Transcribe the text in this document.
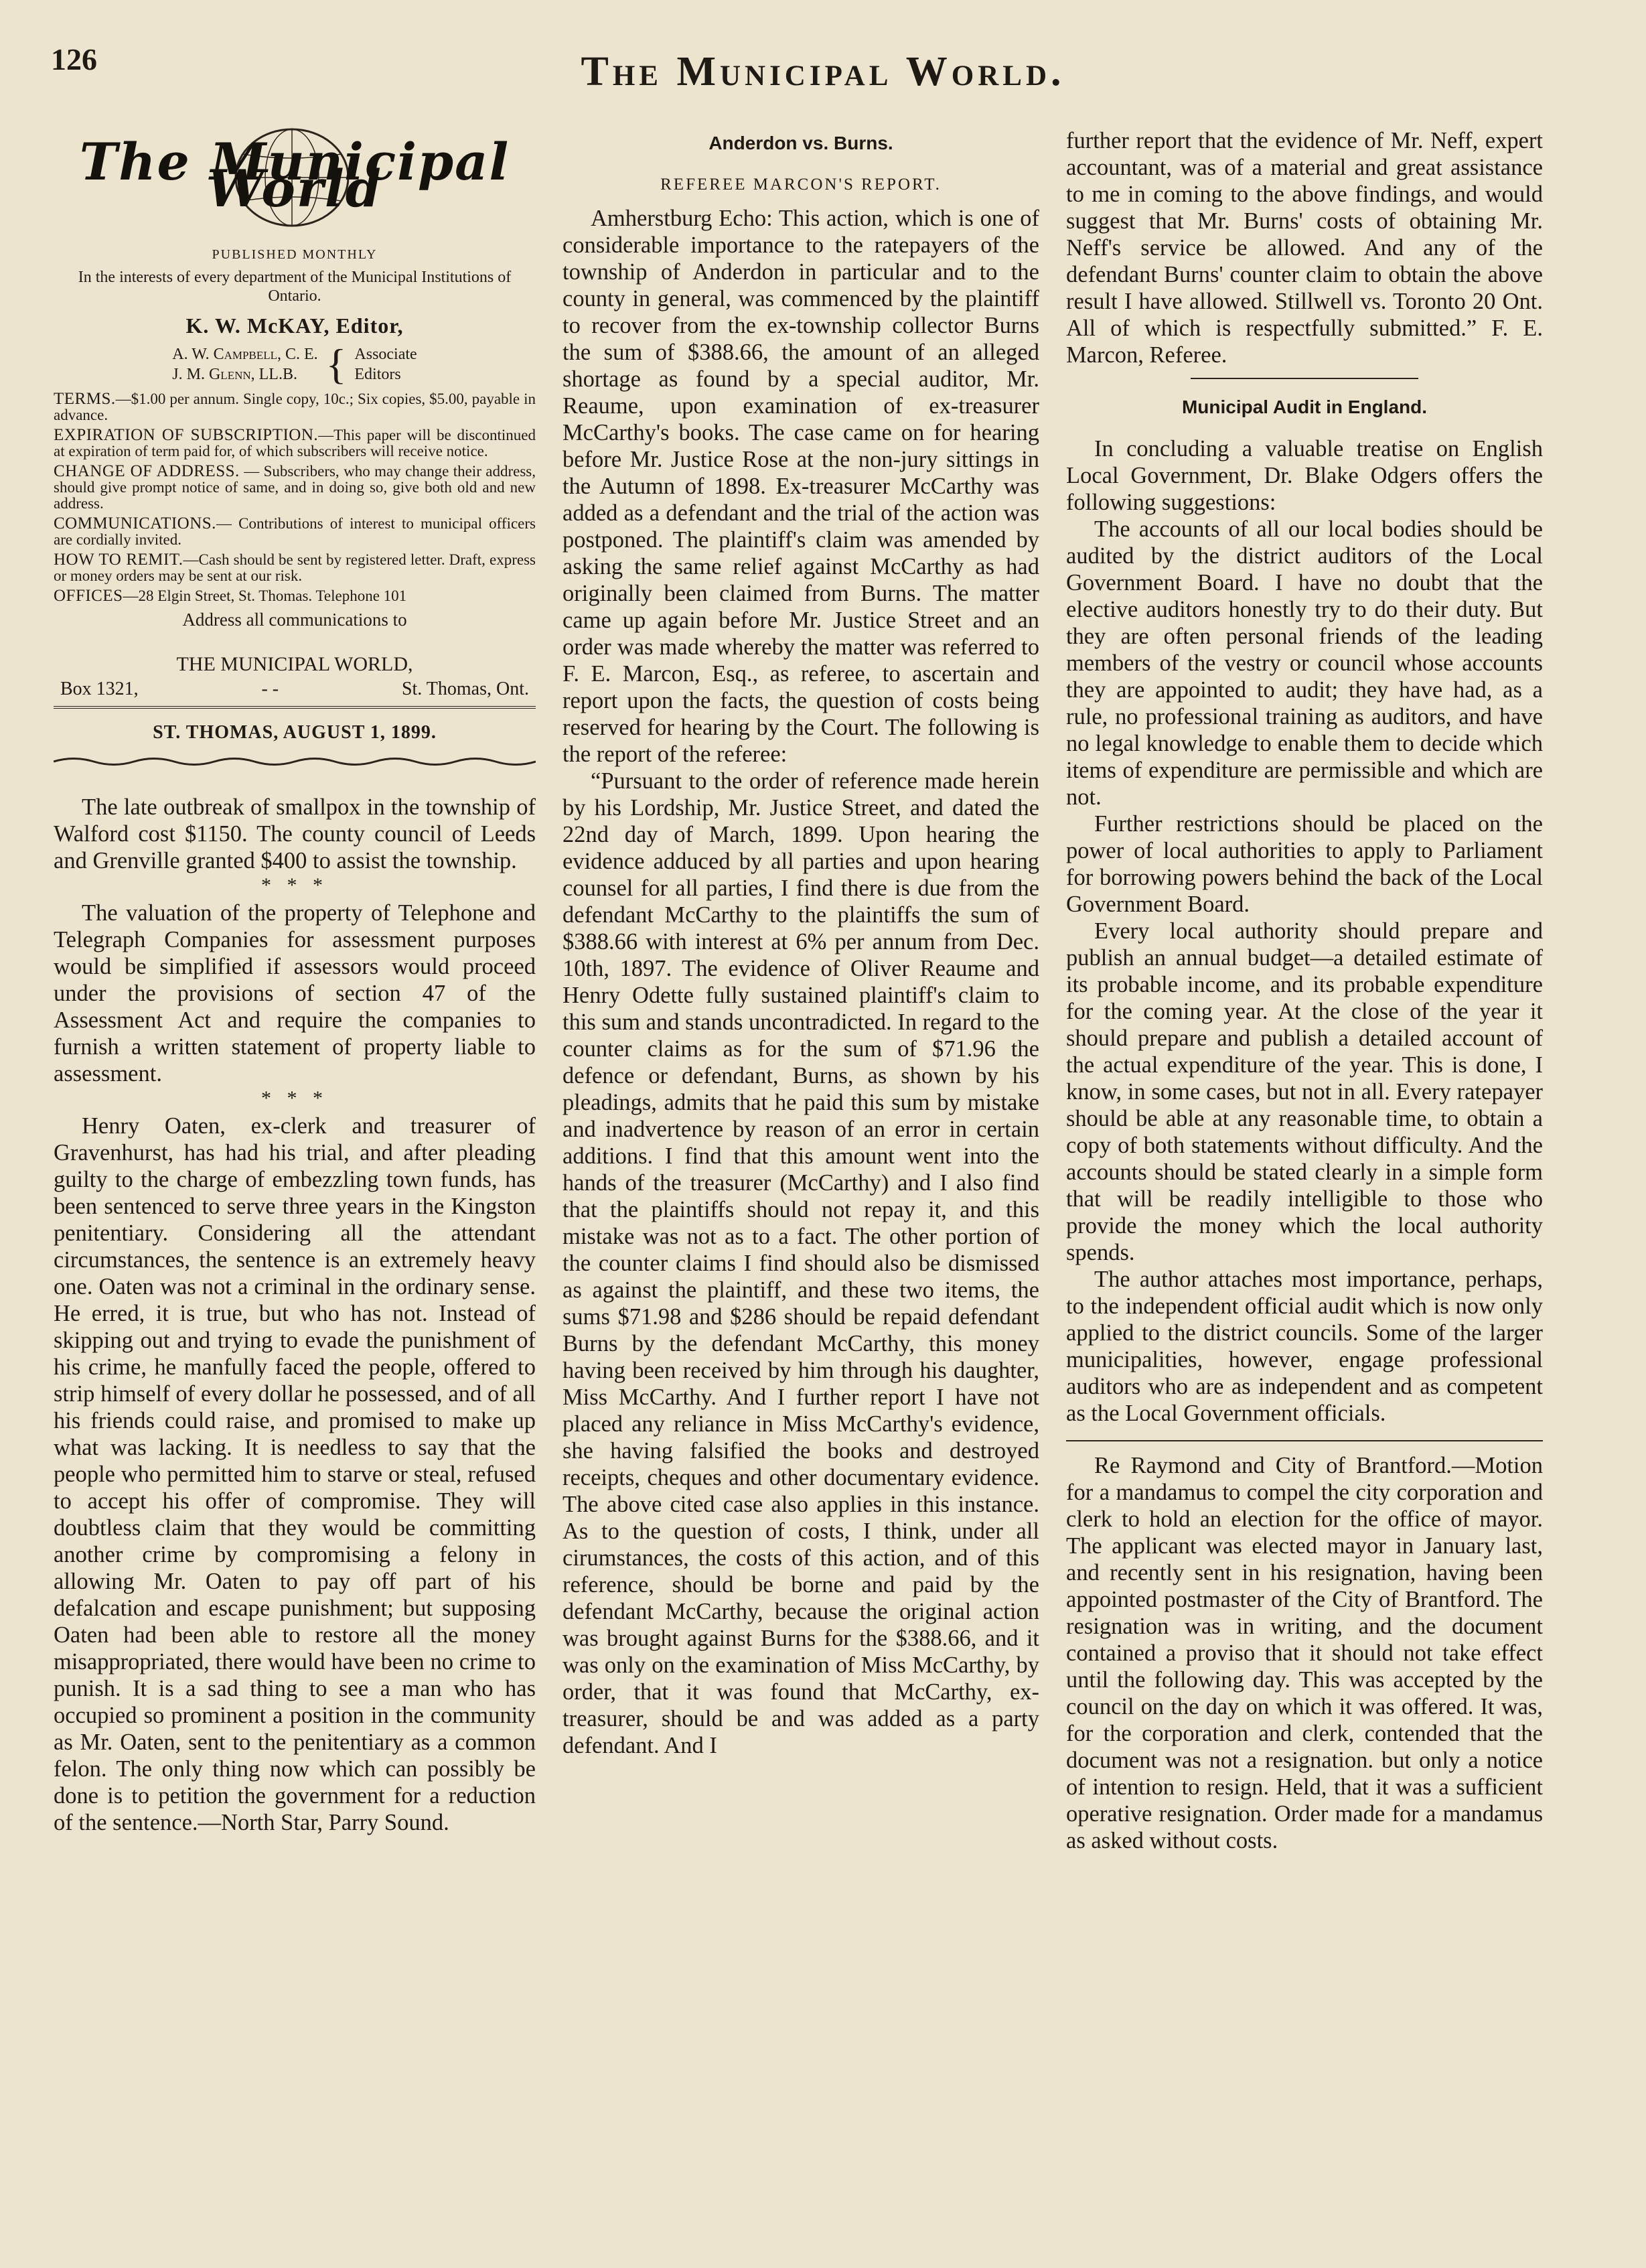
126	The Municipal World.
The Municipal World
PUBLISHED MONTHLY
In the interests of every department of the Municipal Institutions of Ontario.
K. W. McKAY, Editor,
A. W. Campbell, C. E.
J. M. Glenn, LL.B. { Associate
Editors
TERMS.—$1.00 per annum. Single copy, 10c.; Six copies, $5.00, payable in advance.
EXPIRATION OF SUBSCRIPTION.—This paper will be discontinued at expiration of term paid for, of which subscribers will receive notice.
CHANGE OF ADDRESS. — Subscribers, who may change their address, should give prompt notice of same, and in doing so, give both old and new address.
COMMUNICATIONS.— Contributions of interest to municipal officers are cordially invited.
HOW TO REMIT.—Cash should be sent by registered letter. Draft, express or money orders may be sent at our risk.
OFFICES—28 Elgin Street, St. Thomas. Telephone 101
Address all communications to
THE MUNICIPAL WORLD,
Box 1321,	- -	St. Thomas, Ont.
ST. THOMAS, AUGUST 1, 1899.

The late outbreak of smallpox in the township of Walford cost $1150. The county council of Leeds and Grenville granted $400 to assist the township.

* * *

The valuation of the property of Telephone and Telegraph Companies for assessment purposes would be simplified if assessors would proceed under the provisions of section 47 of the Assessment Act and require the companies to furnish a written statement of property liable to assessment.

* * *

Henry Oaten, ex-clerk and treasurer of Gravenhurst, has had his trial, and after pleading guilty to the charge of embezzling town funds, has been sentenced to serve three years in the Kingston penitentiary. Considering all the attendant circumstances, the sentence is an extremely heavy one. Oaten was not a criminal in the ordinary sense. He erred, it is true, but who has not. Instead of skipping out and trying to evade the punishment of his crime, he manfully faced the people, offered to strip himself of every dollar he possessed, and of all his friends could raise, and promised to make up what was lacking. It is needless to say that the people who permitted him to starve or steal, refused to accept his offer of compromise. They will doubtless claim that they would be committing another crime by compromising a felony in allowing Mr. Oaten to pay off part of his defalcation and escape punishment; but supposing Oaten had been able to restore all the money misappropriated, there would have been no crime to punish. It is a sad thing to see a man who has occupied so prominent a position in the community as Mr. Oaten, sent to the penitentiary as a common felon. The only thing now which can possibly be done is to petition the government for a reduction of the sentence.—North Star, Parry Sound.

Anderdon vs. Burns.
REFEREE MARCON'S REPORT.

Amherstburg Echo: This action, which is one of considerable importance to the ratepayers of the township of Anderdon in particular and to the county in general, was commenced by the plaintiff to recover from the ex-township collector Burns the sum of $388.66, the amount of an alleged shortage as found by a special auditor, Mr. Reaume, upon examination of ex-treasurer McCarthy's books. The case came on for hearing before Mr. Justice Rose at the non-jury sittings in the Autumn of 1898. Ex-treasurer McCarthy was added as a defendant and the trial of the action was postponed. The plaintiff's claim was amended by asking the same relief against McCarthy as had originally been claimed from Burns. The matter came up again before Mr. Justice Street and an order was made whereby the matter was referred to F. E. Marcon, Esq., as referee, to ascertain and report upon the facts, the question of costs being reserved for hearing by the Court. The following is the report of the referee:

“Pursuant to the order of reference made herein by his Lordship, Mr. Justice Street, and dated the 22nd day of March, 1899. Upon hearing the evidence adduced by all parties and upon hearing counsel for all parties, I find there is due from the defendant McCarthy to the plaintiffs the sum of $388.66 with interest at 6% per annum from Dec. 10th, 1897. The evidence of Oliver Reaume and Henry Odette fully sustained plaintiff's claim to this sum and stands uncontradicted. In regard to the counter claims as for the sum of $71.96 the defence or defendant, Burns, as shown by his pleadings, admits that he paid this sum by mistake and inadvertence by reason of an error in certain additions. I find that this amount went into the hands of the treasurer (McCarthy) and I also find that the plaintiffs should not repay it, and this mistake was not as to a fact. The other portion of the counter claims I find should also be dismissed as against the plaintiff, and these two items, the sums $71.98 and $286 should be repaid defendant Burns by the defendant McCarthy, this money having been received by him through his daughter, Miss McCarthy. And I further report I have not placed any reliance in Miss McCarthy's evidence, she having falsified the books and destroyed receipts, cheques and other documentary evidence. The above cited case also applies in this instance. As to the question of costs, I think, under all cirumstances, the costs of this action, and of this reference, should be borne and paid by the defendant McCarthy, because the original action was brought against Burns for the $388.66, and it was only on the examination of Miss McCarthy, by order, that it was found that McCarthy, ex-treasurer, should be and was added as a party defendant. And I

further report that the evidence of Mr. Neff, expert accountant, was of a material and great assistance to me in coming to the above findings, and would suggest that Mr. Burns' costs of obtaining Mr. Neff's service be allowed. And any of the defendant Burns' counter claim to obtain the above result I have allowed. Stillwell vs. Toronto 20 Ont. All of which is respectfully submitted.” F. E. Marcon, Referee.

Municipal Audit in England.

In concluding a valuable treatise on English Local Government, Dr. Blake Odgers offers the following suggestions:

The accounts of all our local bodies should be audited by the district auditors of the Local Government Board. I have no doubt that the elective auditors honestly try to do their duty. But they are often personal friends of the leading members of the vestry or council whose accounts they are appointed to audit; they have had, as a rule, no professional training as auditors, and have no legal knowledge to enable them to decide which items of expenditure are permissible and which are not.

Further restrictions should be placed on the power of local authorities to apply to Parliament for borrowing powers behind the back of the Local Government Board.

Every local authority should prepare and publish an annual budget—a detailed estimate of its probable income, and its probable expenditure for the coming year. At the close of the year it should prepare and publish a detailed account of the actual expenditure of the year. This is done, I know, in some cases, but not in all. Every ratepayer should be able at any reasonable time, to obtain a copy of both statements without difficulty. And the accounts should be stated clearly in a simple form that will be readily intelligible to those who provide the money which the local authority spends.

The author attaches most importance, perhaps, to the independent official audit which is now only applied to the district councils. Some of the larger municipalities, however, engage professional auditors who are as independent and as competent as the Local Government officials.

Re Raymond and City of Brantford.—Motion for a mandamus to compel the city corporation and clerk to hold an election for the office of mayor. The applicant was elected mayor in January last, and recently sent in his resignation, having been appointed postmaster of the City of Brantford. The resignation was in writing, and the document contained a proviso that it should not take effect until the following day. This was accepted by the council on the day on which it was offered. It was, for the corporation and clerk, contended that the document was not a resignation. but only a notice of intention to resign. Held, that it was a sufficient operative resignation. Order made for a mandamus as asked without costs.
